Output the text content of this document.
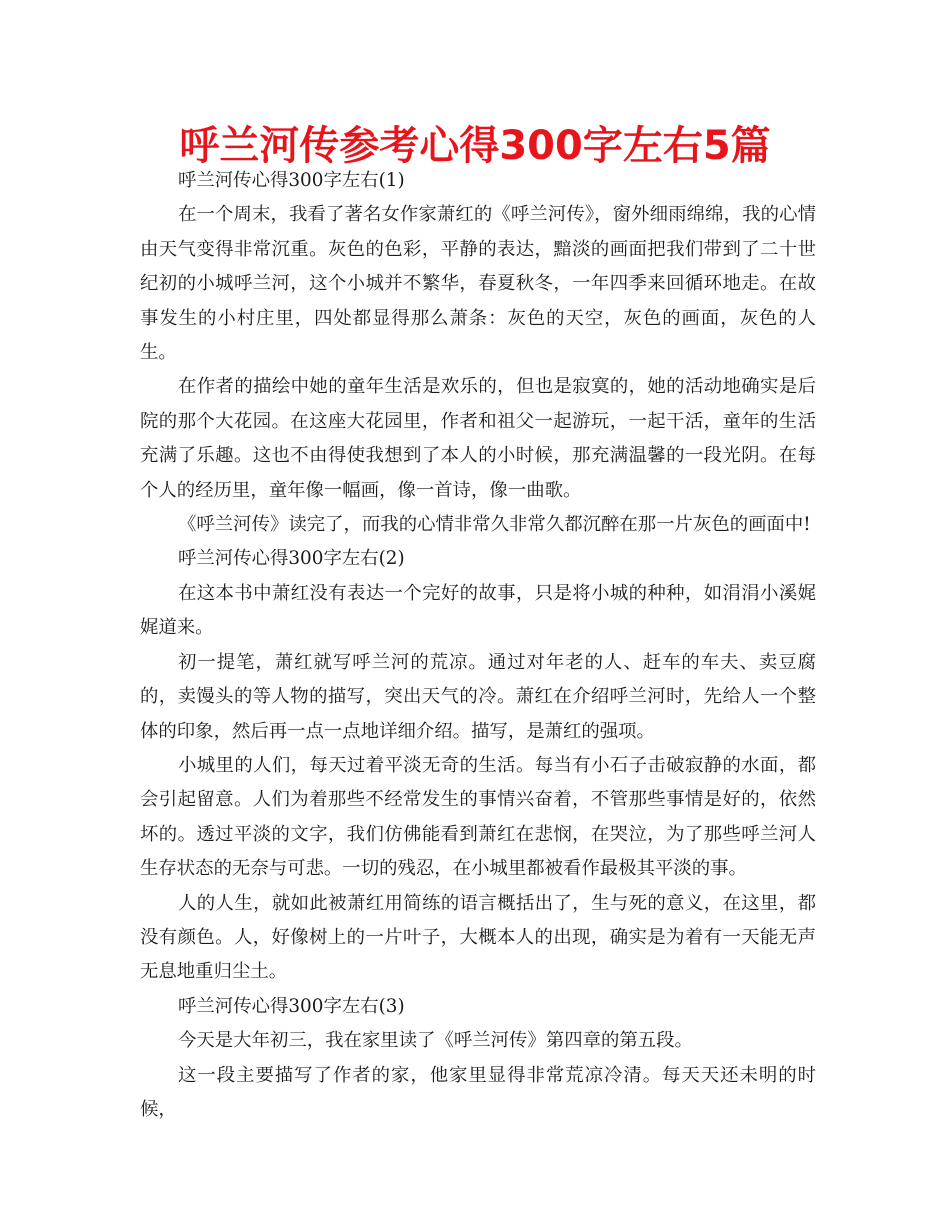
呼兰河传参考心得300字左右5篇

呼兰河传心得300字左右(1)

在一个周末，我看了著名女作家萧红的《呼兰河传》，窗外细雨绵绵，我的心情由天气变得非常沉重。灰色的色彩，平静的表达，黯淡的画面把我们带到了二十世纪初的小城呼兰河，这个小城并不繁华，春夏秋冬，一年四季来回循环地走。在故事发生的小村庄里，四处都显得那么萧条：灰色的天空，灰色的画面，灰色的人生。

在作者的描绘中她的童年生活是欢乐的，但也是寂寞的，她的活动地确实是后院的那个大花园。在这座大花园里，作者和祖父一起游玩，一起干活，童年的生活充满了乐趣。这也不由得使我想到了本人的小时候，那充满温馨的一段光阴。在每个人的经历里，童年像一幅画，像一首诗，像一曲歌。

《呼兰河传》读完了，而我的心情非常久非常久都沉醉在那一片灰色的画面中!

呼兰河传心得300字左右(2)

在这本书中萧红没有表达一个完好的故事，只是将小城的种种，如涓涓小溪娓娓道来。

初一提笔，萧红就写呼兰河的荒凉。通过对年老的人、赶车的车夫、卖豆腐的，卖馒头的等人物的描写，突出天气的冷。萧红在介绍呼兰河时，先给人一个整体的印象，然后再一点一点地详细介绍。描写，是萧红的强项。

小城里的人们，每天过着平淡无奇的生活。每当有小石子击破寂静的水面，都会引起留意。人们为着那些不经常发生的事情兴奋着，不管那些事情是好的，依然坏的。透过平淡的文字，我们仿佛能看到萧红在悲悯，在哭泣，为了那些呼兰河人生存状态的无奈与可悲。一切的残忍，在小城里都被看作最极其平淡的事。

人的人生，就如此被萧红用简练的语言概括出了，生与死的意义，在这里，都没有颜色。人，好像树上的一片叶子，大概本人的出现，确实是为着有一天能无声无息地重归尘土。

呼兰河传心得300字左右(3)

今天是大年初三，我在家里读了《呼兰河传》第四章的第五段。

这一段主要描写了作者的家，他家里显得非常荒凉冷清。每天天还未明的时候，
